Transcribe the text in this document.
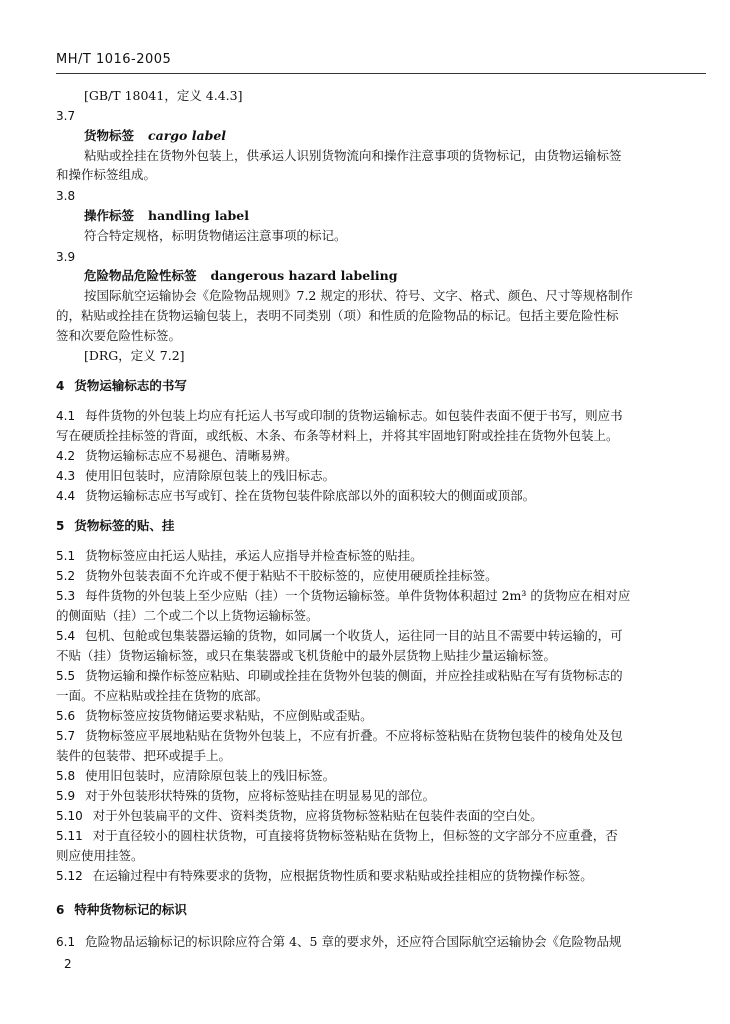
MH/T 1016-2005
[GB/T 18041，定义 4.4.3]
3.7
货物标签 cargo label
粘贴或拴挂在货物外包装上，供承运人识别货物流向和操作注意事项的货物标记，由货物运输标签
和操作标签组成。
3.8
操作标签 handling label
符合特定规格，标明货物储运注意事项的标记。
3.9
危险物品危险性标签 dangerous hazard labeling
按国际航空运输协会《危险物品规则》7.2 规定的形状、符号、文字、格式、颜色、尺寸等规格制作
的，粘贴或拴挂在货物运输包装上，表明不同类别（项）和性质的危险物品的标记。包括主要危险性标
签和次要危险性标签。
[DRG，定义 7.2]
4 货物运输标志的书写
4.1 每件货物的外包装上均应有托运人书写或印制的货物运输标志。如包装件表面不便于书写，则应书
写在硬质拴挂标签的背面，或纸板、木条、布条等材料上，并将其牢固地钉附或拴挂在货物外包装上。
4.2 货物运输标志应不易褪色、清晰易辨。
4.3 使用旧包装时，应清除原包装上的残旧标志。
4.4 货物运输标志应书写或钉、拴在货物包装件除底部以外的面积较大的侧面或顶部。
5 货物标签的贴、挂
5.1 货物标签应由托运人贴挂，承运人应指导并检查标签的贴挂。
5.2 货物外包装表面不允许或不便于粘贴不干胶标签的，应使用硬质拴挂标签。
5.3 每件货物的外包装上至少应贴（挂）一个货物运输标签。单件货物体积超过 2m³ 的货物应在相对应
的侧面贴（挂）二个或二个以上货物运输标签。
5.4 包机、包舱或包集装器运输的货物，如同属一个收货人，运往同一目的站且不需要中转运输的，可
不贴（挂）货物运输标签，或只在集装器或飞机货舱中的最外层货物上贴挂少量运输标签。
5.5 货物运输和操作标签应粘贴、印刷或拴挂在货物外包装的侧面，并应拴挂或粘贴在写有货物标志的
一面。不应粘贴或拴挂在货物的底部。
5.6 货物标签应按货物储运要求粘贴，不应倒贴或歪贴。
5.7 货物标签应平展地粘贴在货物外包装上，不应有折叠。不应将标签粘贴在货物包装件的棱角处及包
装件的包装带、把环或提手上。
5.8 使用旧包装时，应清除原包装上的残旧标签。
5.9 对于外包装形状特殊的货物，应将标签贴挂在明显易见的部位。
5.10 对于外包装扁平的文件、资料类货物，应将货物标签粘贴在包装件表面的空白处。
5.11 对于直径较小的圆柱状货物，可直接将货物标签粘贴在货物上，但标签的文字部分不应重叠，否
则应使用挂签。
5.12 在运输过程中有特殊要求的货物，应根据货物性质和要求粘贴或拴挂相应的货物操作标签。
6 特种货物标记的标识
6.1 危险物品运输标记的标识除应符合第 4、5 章的要求外，还应符合国际航空运输协会《危险物品规
2
